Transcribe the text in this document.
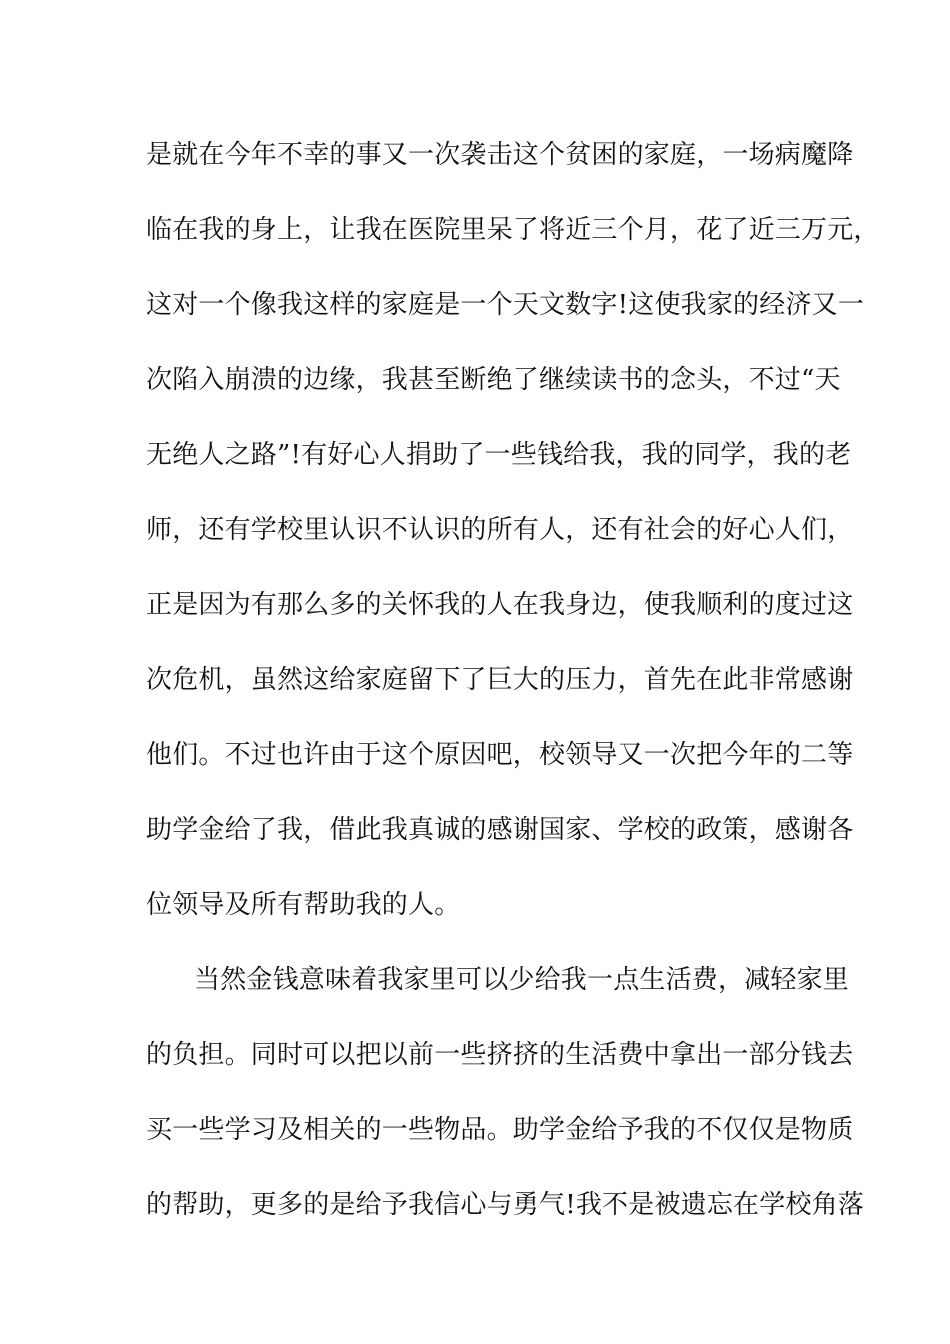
是就在今年不幸的事又一次袭击这个贫困的家庭，一场病魔降
临在我的身上，让我在医院里呆了将近三个月，花了近三万元，
这对一个像我这样的家庭是一个天文数字!这使我家的经济又一
次陷入崩溃的边缘，我甚至断绝了继续读书的念头，不过“天
无绝人之路”!有好心人捐助了一些钱给我，我的同学，我的老
师，还有学校里认识不认识的所有人，还有社会的好心人们，
正是因为有那么多的关怀我的人在我身边，使我顺利的度过这
次危机，虽然这给家庭留下了巨大的压力，首先在此非常感谢
他们。不过也许由于这个原因吧，校领导又一次把今年的二等
助学金给了我，借此我真诚的感谢国家、学校的政策，感谢各
位领导及所有帮助我的人。
当然金钱意味着我家里可以少给我一点生活费，减轻家里
的负担。同时可以把以前一些挤挤的生活费中拿出一部分钱去
买一些学习及相关的一些物品。助学金给予我的不仅仅是物质
的帮助，更多的是给予我信心与勇气!我不是被遗忘在学校角落
